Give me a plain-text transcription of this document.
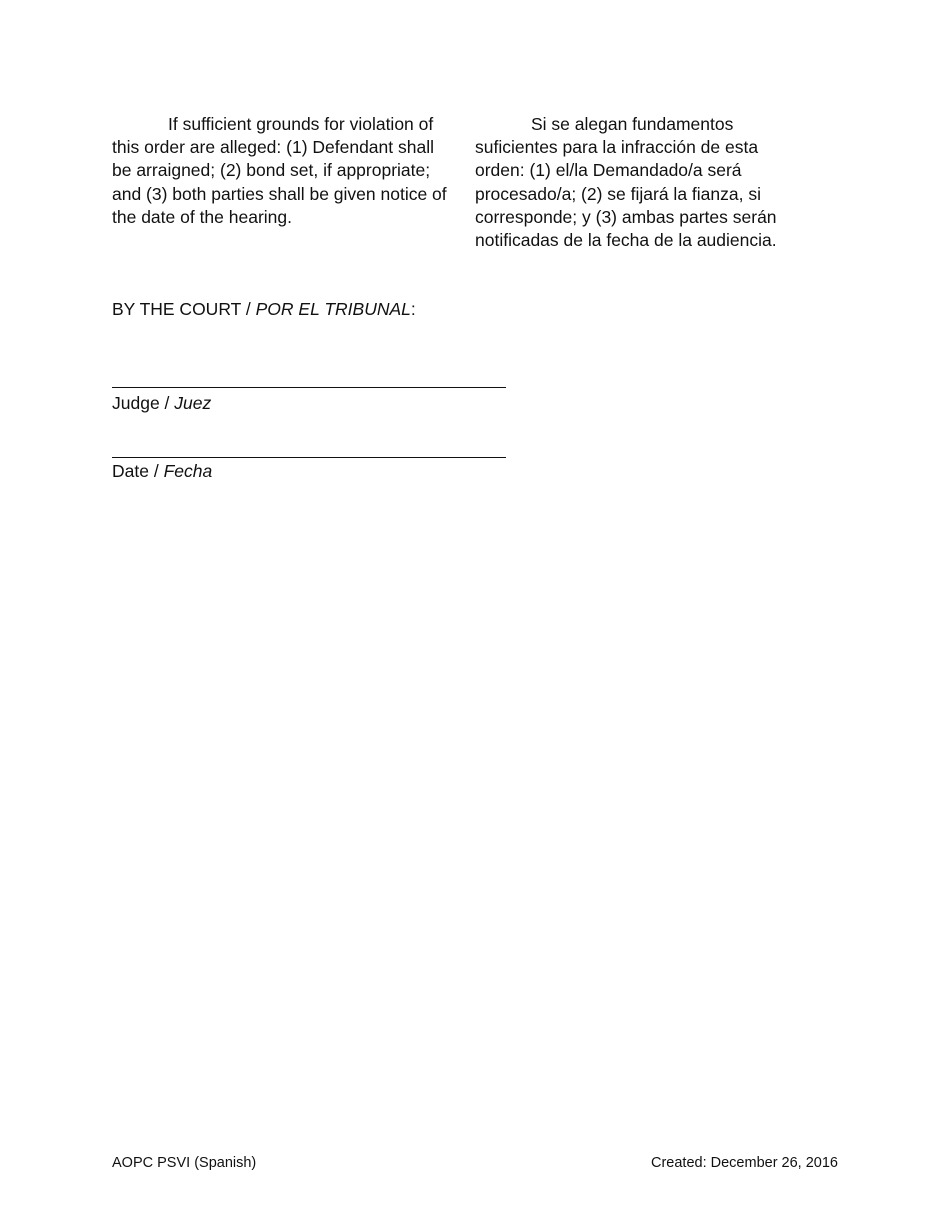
If sufficient grounds for violation of this order are alleged: (1) Defendant shall be arraigned; (2) bond set, if appropriate; and (3) both parties shall be given notice of the date of the hearing.

Si se alegan fundamentos suficientes para la infracción de esta orden: (1) el/la Demandado/a será procesado/a; (2) se fijará la fianza, si corresponde; y (3) ambas partes serán notificadas de la fecha de la audiencia.

BY THE COURT / POR EL TRIBUNAL:
Judge / Juez
Date / Fecha
AOPC PSVI (Spanish)	Created: December 26, 2016
